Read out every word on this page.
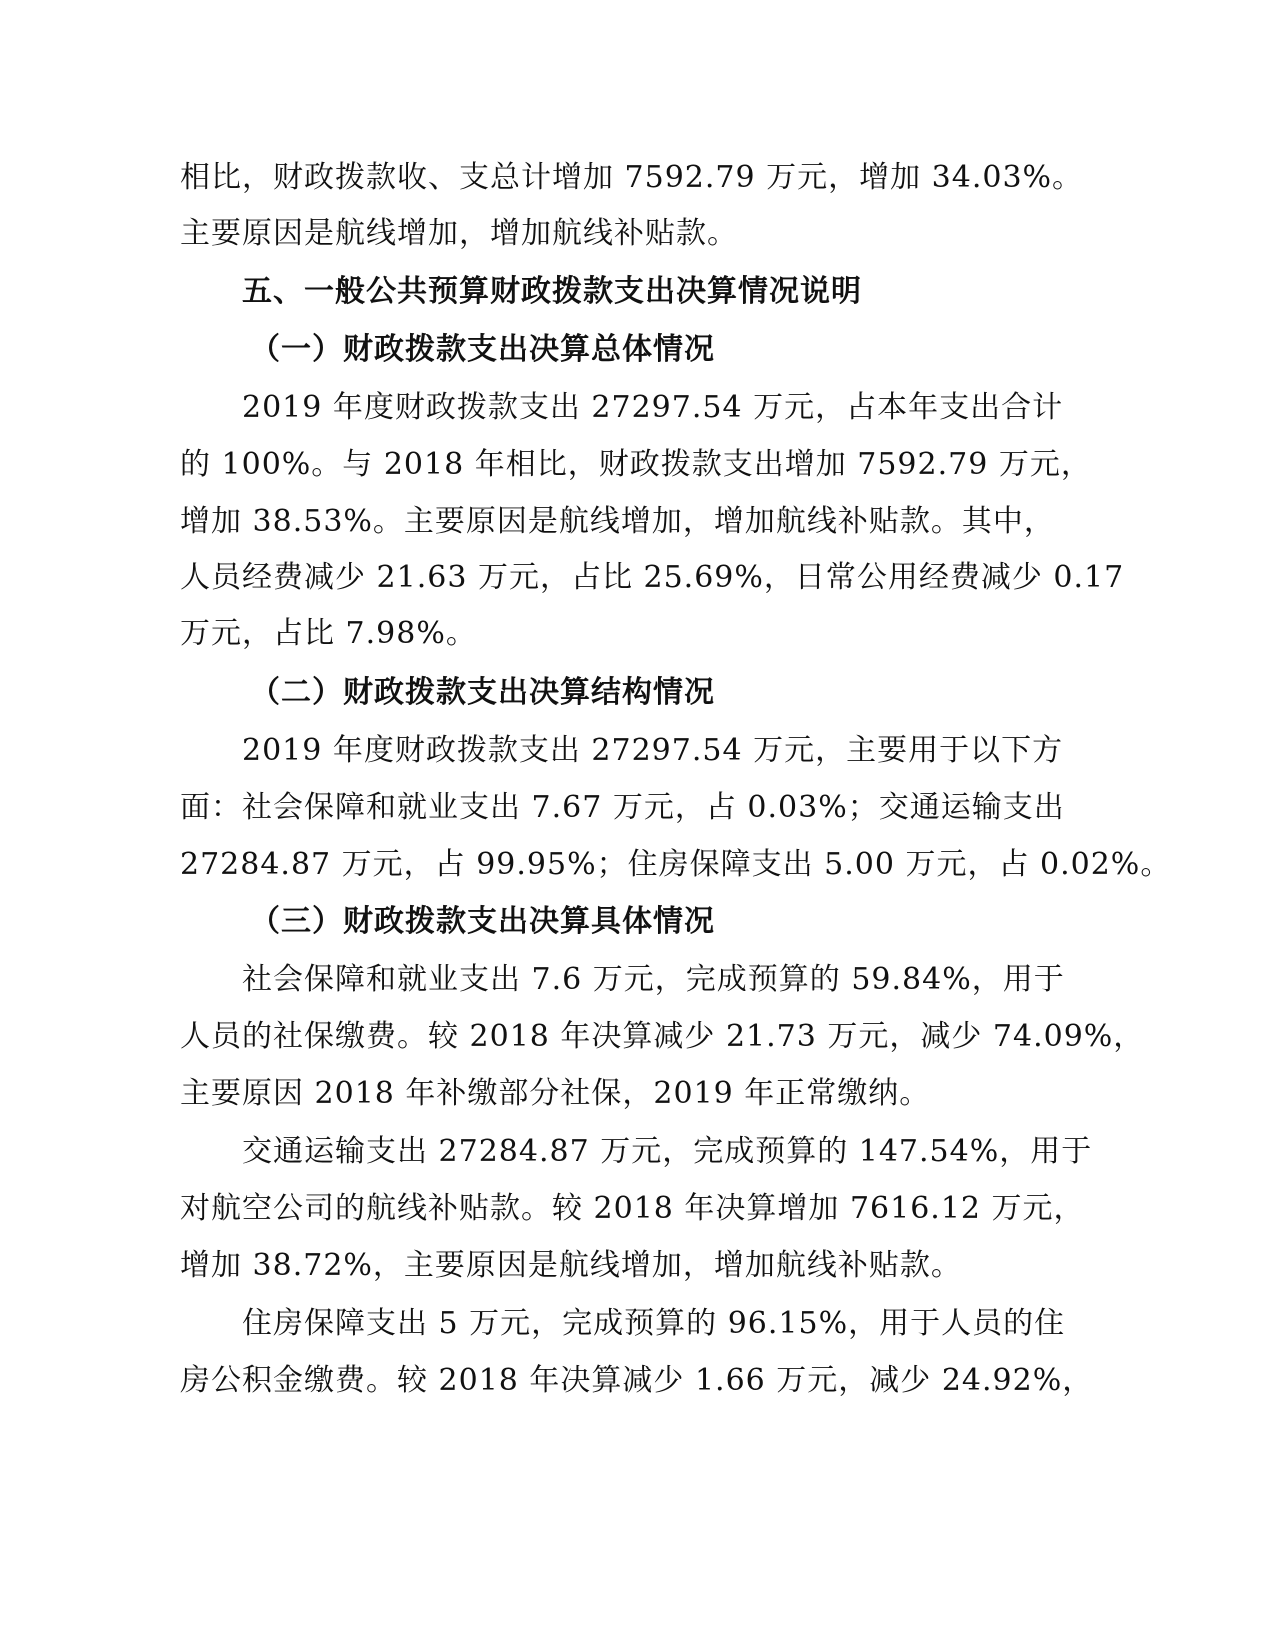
相比，财政拨款收、支总计增加 7592.79 万元，增加 34.03%。
主要原因是航线增加，增加航线补贴款。
五、一般公共预算财政拨款支出决算情况说明
（一）财政拨款支出决算总体情况
2019 年度财政拨款支出 27297.54 万元，占本年支出合计
的 100%。与 2018 年相比，财政拨款支出增加 7592.79 万元，
增加 38.53%。主要原因是航线增加，增加航线补贴款。其中，
人员经费减少 21.63 万元，占比 25.69%，日常公用经费减少 0.17
万元，占比 7.98%。
（二）财政拨款支出决算结构情况
2019 年度财政拨款支出 27297.54 万元，主要用于以下方
面：社会保障和就业支出 7.67 万元，占 0.03%；交通运输支出
27284.87 万元，占 99.95%；住房保障支出 5.00 万元，占 0.02%。
（三）财政拨款支出决算具体情况
社会保障和就业支出 7.6 万元，完成预算的 59.84%，用于
人员的社保缴费。较 2018 年决算减少 21.73 万元，减少 74.09%，
主要原因 2018 年补缴部分社保，2019 年正常缴纳。
交通运输支出 27284.87 万元，完成预算的 147.54%，用于
对航空公司的航线补贴款。较 2018 年决算增加 7616.12 万元，
增加 38.72%，主要原因是航线增加，增加航线补贴款。
住房保障支出 5 万元，完成预算的 96.15%，用于人员的住
房公积金缴费。较 2018 年决算减少 1.66 万元，减少 24.92%，
